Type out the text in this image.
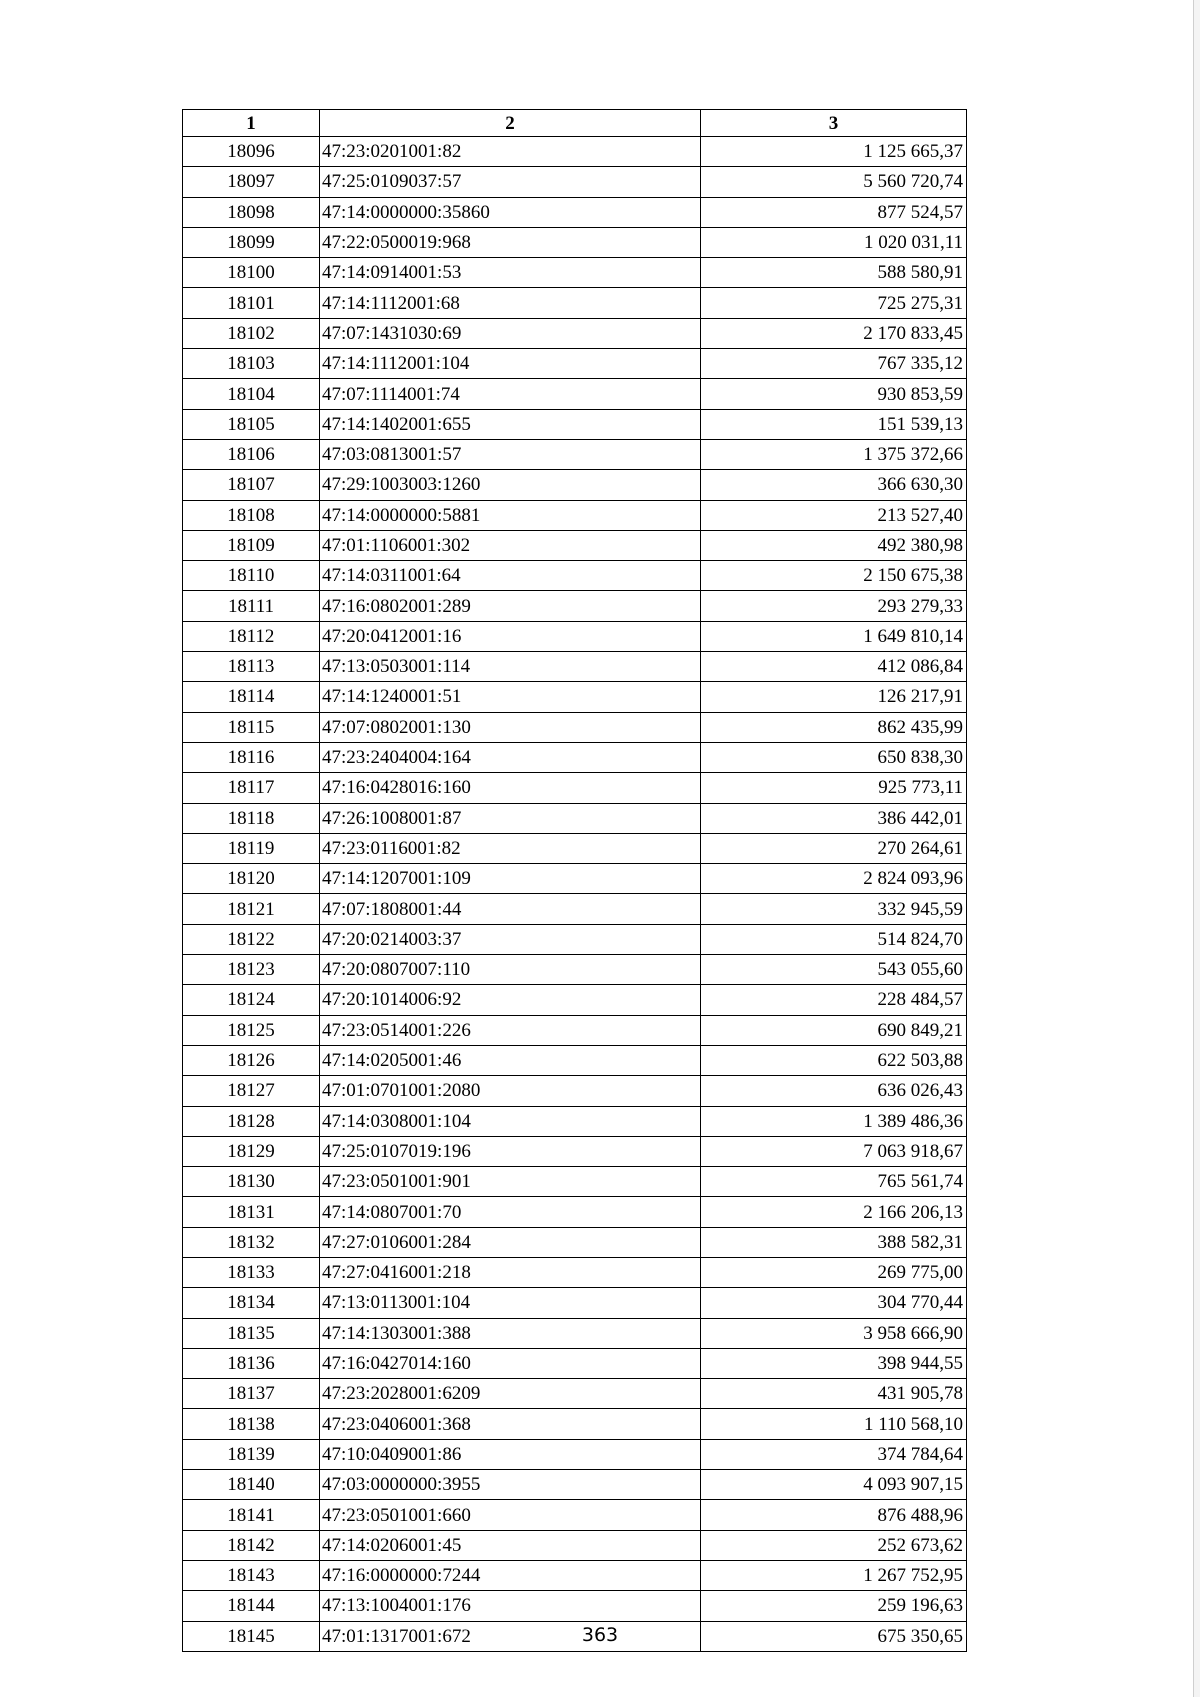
1	2	3
18096	47:23:0201001:82	1 125 665,37
18097	47:25:0109037:57	5 560 720,74
18098	47:14:0000000:35860	877 524,57
18099	47:22:0500019:968	1 020 031,11
18100	47:14:0914001:53	588 580,91
18101	47:14:1112001:68	725 275,31
18102	47:07:1431030:69	2 170 833,45
18103	47:14:1112001:104	767 335,12
18104	47:07:1114001:74	930 853,59
18105	47:14:1402001:655	151 539,13
18106	47:03:0813001:57	1 375 372,66
18107	47:29:1003003:1260	366 630,30
18108	47:14:0000000:5881	213 527,40
18109	47:01:1106001:302	492 380,98
18110	47:14:0311001:64	2 150 675,38
18111	47:16:0802001:289	293 279,33
18112	47:20:0412001:16	1 649 810,14
18113	47:13:0503001:114	412 086,84
18114	47:14:1240001:51	126 217,91
18115	47:07:0802001:130	862 435,99
18116	47:23:2404004:164	650 838,30
18117	47:16:0428016:160	925 773,11
18118	47:26:1008001:87	386 442,01
18119	47:23:0116001:82	270 264,61
18120	47:14:1207001:109	2 824 093,96
18121	47:07:1808001:44	332 945,59
18122	47:20:0214003:37	514 824,70
18123	47:20:0807007:110	543 055,60
18124	47:20:1014006:92	228 484,57
18125	47:23:0514001:226	690 849,21
18126	47:14:0205001:46	622 503,88
18127	47:01:0701001:2080	636 026,43
18128	47:14:0308001:104	1 389 486,36
18129	47:25:0107019:196	7 063 918,67
18130	47:23:0501001:901	765 561,74
18131	47:14:0807001:70	2 166 206,13
18132	47:27:0106001:284	388 582,31
18133	47:27:0416001:218	269 775,00
18134	47:13:0113001:104	304 770,44
18135	47:14:1303001:388	3 958 666,90
18136	47:16:0427014:160	398 944,55
18137	47:23:2028001:6209	431 905,78
18138	47:23:0406001:368	1 110 568,10
18139	47:10:0409001:86	374 784,64
18140	47:03:0000000:3955	4 093 907,15
18141	47:23:0501001:660	876 488,96
18142	47:14:0206001:45	252 673,62
18143	47:16:0000000:7244	1 267 752,95
18144	47:13:1004001:176	259 196,63
18145	47:01:1317001:672	675 350,65
363
